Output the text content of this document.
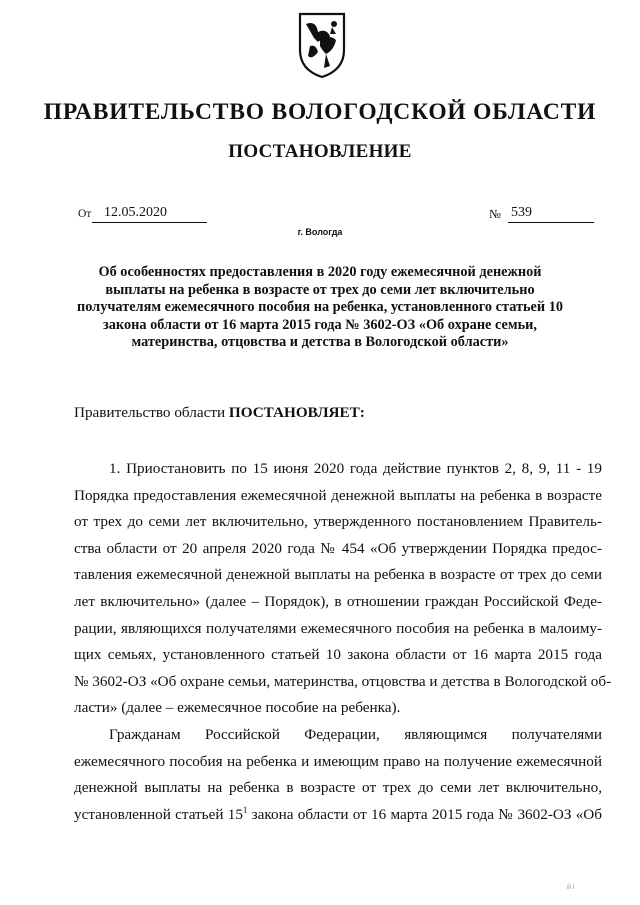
ПРАВИТЕЛЬСТВО ВОЛОГОДСКОЙ ОБЛАСТИ
ПОСТАНОВЛЕНИЕ
От 12.05.2020	№ 539
г. Вологда
Об особенностях предоставления в 2020 году ежемесячной денежной
выплаты на ребенка в возрасте от трех до семи лет включительно
получателям ежемесячного пособия на ребенка, установленного статьей 10
закона области от 16 марта 2015 года № 3602-ОЗ «Об охране семьи,
материнства, отцовства и детства в Вологодской области»
Правительство области ПОСТАНОВЛЯЕТ:
1. Приостановить по 15 июня 2020 года действие пунктов 2, 8, 9, 11 - 19
Порядка предоставления ежемесячной денежной выплаты на ребенка в возрасте
от трех до семи лет включительно, утвержденного постановлением Правитель-
ства области от 20 апреля 2020 года № 454 «Об утверждении Порядка предос-
тавления ежемесячной денежной выплаты на ребенка в возрасте от трех до семи
лет включительно» (далее – Порядок), в отношении граждан Российской Феде-
рации, являющихся получателями ежемесячного пособия на ребенка в малоиму-
щих семьях, установленного статьей 10 закона области от 16 марта 2015 года
№ 3602-ОЗ «Об охране семьи, материнства, отцовства и детства в Вологодской об-
ласти» (далее – ежемесячное пособие на ребенка).
Гражданам Российской Федерации, являющимся получателями
ежемесячного пособия на ребенка и имеющим право на получение ежемесячной
денежной выплаты на ребенка в возрасте от трех до семи лет включительно,
установленной статьей $15^1$ закона области от 16 марта 2015 года № 3602-ОЗ «Об
й і
